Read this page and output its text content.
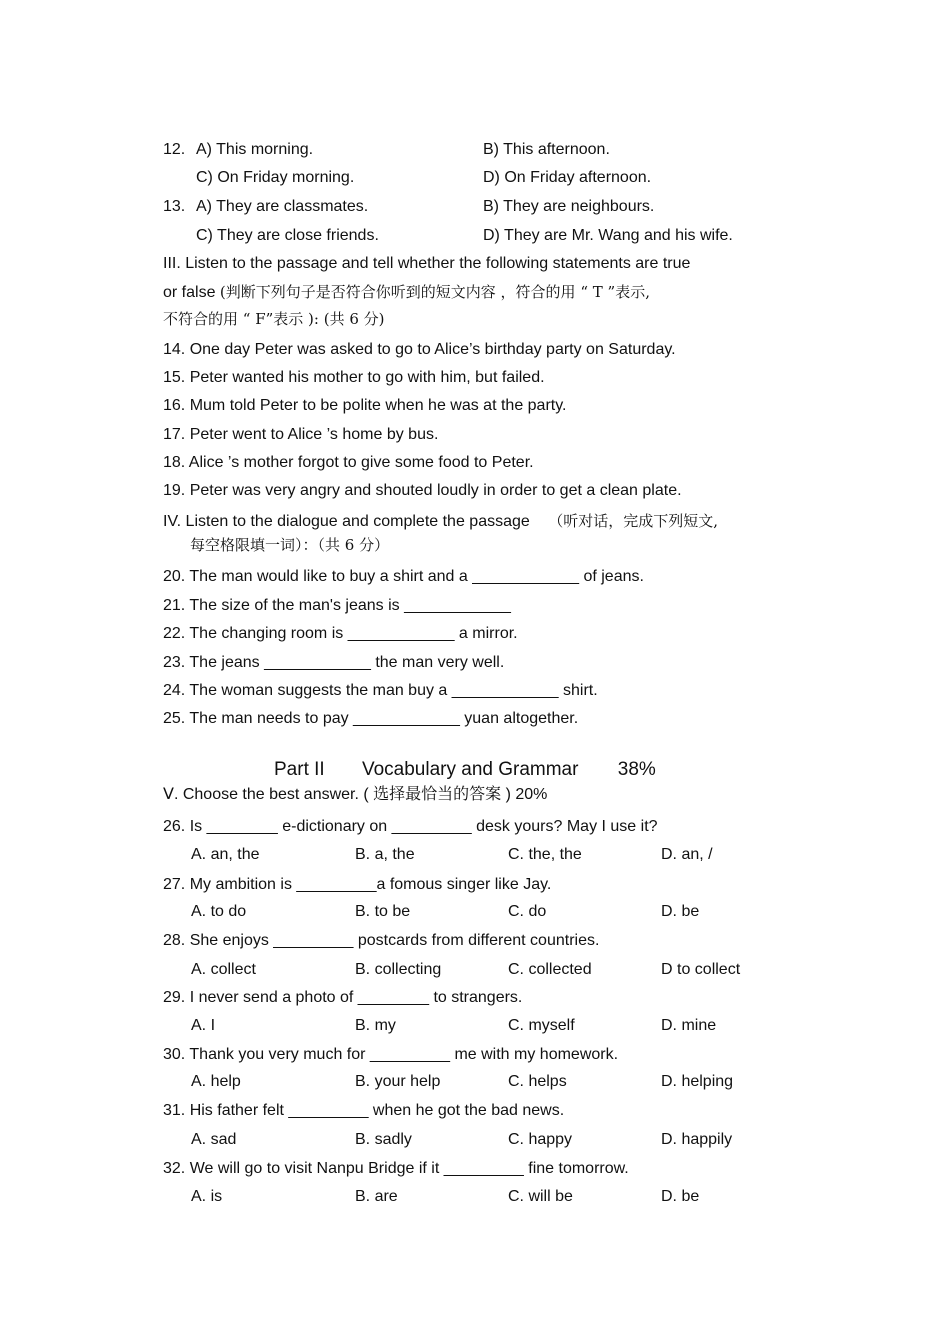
12. A) This morning.	B) This afternoon.
C) On Friday morning.	D) On Friday afternoon.
13. A) They are classmates.	B) They are neighbours.
C) They are close friends.	D) They are Mr. Wang and his wife.
III. Listen to the passage and tell whether the following statements are true
or false (判断下列句子是否符合你听到的短文内容 ，符合的用 “ T ”表示,
不符合的用 “ F”表示 ): (共 6 分)
14. One day Peter was asked to go to Alice’s birthday party on Saturday.
15. Peter wanted his mother to go with him, but failed.
16. Mum told Peter to be polite when he was at the party.
17. Peter went to Alice ’s home by bus.
18. Alice ’s mother forgot to give some food to Peter.
19. Peter was very angry and shouted loudly in order to get a clean plate.
IV. Listen to the dialogue and complete the passage （听对话，完成下列短文,
每空格限填一词）：（共 6 分）
20. The man would like to buy a shirt and a ____________ of jeans.
21. The size of the man's jeans is ____________
22. The changing room is ____________ a mirror.
23. The jeans ____________ the man very well.
24. The woman suggests the man buy a ____________ shirt.
25. The man needs to pay ____________ yuan altogether.
Part II Vocabulary and Grammar 38%
Ⅴ. Choose the best answer. ( 选择最恰当的答案 ) 20%
26. Is ________ e-dictionary on _________ desk yours? May I use it?
A. an, the	B. a, the	C. the, the	D. an, /
27. My ambition is _________a fomous singer like Jay.
A. to do	B. to be	C. do	D. be
28. She enjoys _________ postcards from different countries.
A. collect	B. collecting	C. collected	D to collect
29. I never send a photo of ________ to strangers.
A. I	B. my	C. myself	D. mine
30. Thank you very much for _________ me with my homework.
A. help	B. your help	C. helps	D. helping
31. His father felt _________ when he got the bad news.
A. sad	B. sadly	C. happy	D. happily
32. We will go to visit Nanpu Bridge if it _________ fine tomorrow.
A. is	B. are	C. will be	D. be
